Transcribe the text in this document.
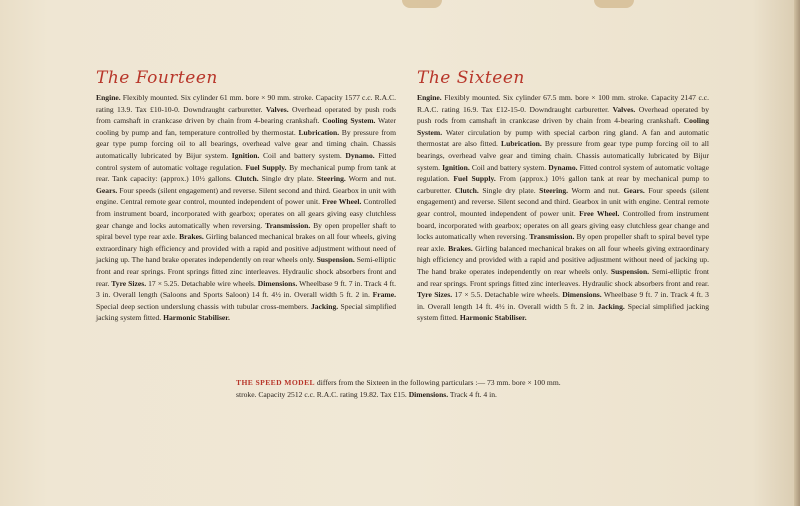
The Fourteen

Engine. Flexibly mounted. Six cylinder 61 mm. bore × 90 mm. stroke. Capacity 1577 c.c. R.A.C. rating 13.9. Tax £10-10-0. Downdraught carburetter. Valves. Overhead operated by push rods from camshaft in crankcase driven by chain from 4-bearing crankshaft. Cooling System. Water cooling by pump and fan, temperature controlled by thermostat. Lubrication. By pressure from gear type pump forcing oil to all bearings, overhead valve gear and timing chain. Chassis automatically lubricated by Bijur system. Ignition. Coil and battery system. Dynamo. Fitted control system of automatic voltage regulation. Fuel Supply. By mechanical pump from tank at rear. Tank capacity: (approx.) 10½ gallons. Clutch. Single dry plate. Steering. Worm and nut. Gears. Four speeds (silent engagement) and reverse. Silent second and third. Gearbox in unit with engine. Central remote gear control, mounted independent of power unit. Free Wheel. Controlled from instrument board, incorporated with gearbox; operates on all gears giving easy clutchless gear change and locks automatically when reversing. Transmission. By open propeller shaft to spiral bevel type rear axle. Brakes. Girling balanced mechanical brakes on all four wheels, giving extraordinary high efficiency and provided with a rapid and positive adjustment without need of jacking up. The hand brake operates independently on rear wheels only. Suspension. Semi-elliptic front and rear springs. Front springs fitted zinc interleaves. Hydraulic shock absorbers front and rear. Tyre Sizes. 17 × 5.25. Detachable wire wheels. Dimensions. Wheelbase 9 ft. 7 in. Track 4 ft. 3 in. Overall length (Saloons and Sports Saloon) 14 ft. 4½ in. Overall width 5 ft. 2 in. Frame. Special deep section underslung chassis with tubular cross-members. Jacking. Special simplified jacking system fitted. Harmonic Stabiliser.

The Sixteen

Engine. Flexibly mounted. Six cylinder 67.5 mm. bore × 100 mm. stroke. Capacity 2147 c.c. R.A.C. rating 16.9. Tax £12-15-0. Downdraught carburetter. Valves. Overhead operated by push rods from camshaft in crankcase driven by chain from 4-bearing crankshaft. Cooling System. Water circulation by pump with special carbon ring gland. A fan and automatic thermostat are also fitted. Lubrication. By pressure from gear type pump forcing oil to all bearings, overhead valve gear and timing chain. Chassis automatically lubricated by Bijur system. Ignition. Coil and battery system. Dynamo. Fitted control system of automatic voltage regulation. Fuel Supply. From (approx.) 10½ gallon tank at rear by mechanical pump to carburetter. Clutch. Single dry plate. Steering. Worm and nut. Gears. Four speeds (silent engagement) and reverse. Silent second and third. Gearbox in unit with engine. Central remote gear control, mounted independent of power unit. Free Wheel. Controlled from instrument board, incorporated with gearbox; operates on all gears giving easy clutchless gear change and locks automatically when reversing. Transmission. By open propeller shaft to spiral bevel type rear axle. Brakes. Girling balanced mechanical brakes on all four wheels giving extraordinary high efficiency and provided with a rapid and positive adjustment without need of jacking up. The hand brake operates independently on rear wheels only. Suspension. Semi-elliptic front and rear springs. Front springs fitted zinc interleaves. Hydraulic shock absorbers front and rear. Tyre Sizes. 17 × 5.5. Detachable wire wheels. Dimensions. Wheelbase 9 ft. 7 in. Track 4 ft. 3 in. Overall length 14 ft. 4½ in. Overall width 5 ft. 2 in. Jacking. Special simplified jacking system fitted. Harmonic Stabiliser.

THE SPEED MODEL differs from the Sixteen in the following particulars :— 73 mm. bore × 100 mm. stroke. Capacity 2512 c.c. R.A.C. rating 19.82. Tax £15. Dimensions. Track 4 ft. 4 in.
